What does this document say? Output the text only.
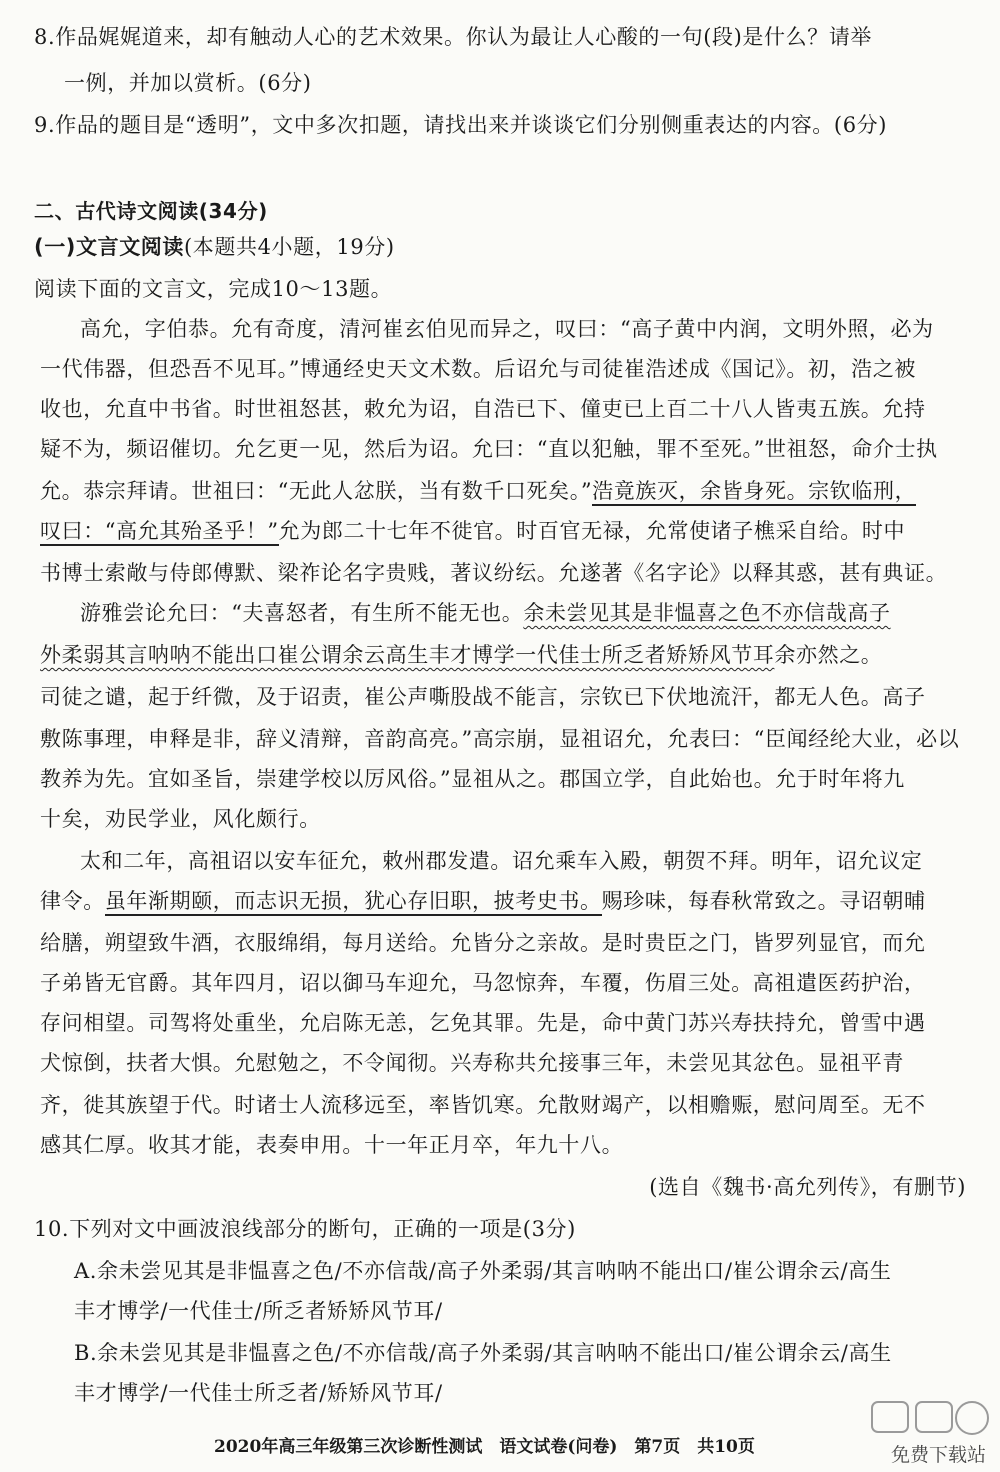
8.作品娓娓道来，却有触动人心的艺术效果。你认为最让人心酸的一句(段)是什么？请举
一例，并加以赏析。(6分)
9.作品的题目是“透明”，文中多次扣题，请找出来并谈谈它们分别侧重表达的内容。(6分)
二、古代诗文阅读(34分)
(一)文言文阅读(本题共4小题，19分)
阅读下面的文言文，完成10～13题。
高允，字伯恭。允有奇度，清河崔玄伯见而异之，叹曰：“高子黄中内润，文明外照，必为
一代伟器，但恐吾不见耳。”博通经史天文术数。后诏允与司徒崔浩述成《国记》。初，浩之被
收也，允直中书省。时世祖怒甚，敕允为诏，自浩已下、僮吏已上百二十八人皆夷五族。允持
疑不为，频诏催切。允乞更一见，然后为诏。允曰：“直以犯触，罪不至死。”世祖怒，命介士执
允。恭宗拜请。世祖曰：“无此人忿朕，当有数千口死矣。”浩竟族灭，余皆身死。宗钦临刑，
叹曰：“高允其殆圣乎！”允为郎二十七年不徙官。时百官无禄，允常使诸子樵采自给。时中
书博士索敞与侍郎傅默、梁祚论名字贵贱，著议纷纭。允遂著《名字论》以释其惑，甚有典证。
游雅尝论允曰：“夫喜怒者，有生所不能无也。余未尝见其是非愠喜之色不亦信哉高子
外柔弱其言呐呐不能出口崔公谓余云高生丰才博学一代佳士所乏者矫矫风节耳余亦然之。
司徒之谴，起于纤微，及于诏责，崔公声嘶股战不能言，宗钦已下伏地流汗，都无人色。高子
敷陈事理，申释是非，辞义清辩，音韵高亮。”高宗崩，显祖诏允，允表曰：“臣闻经纶大业，必以
教养为先。宜如圣旨，崇建学校以厉风俗。”显祖从之。郡国立学，自此始也。允于时年将九
十矣，劝民学业，风化颇行。
太和二年，高祖诏以安车征允，敕州郡发遣。诏允乘车入殿，朝贺不拜。明年，诏允议定
律令。虽年渐期颐，而志识无损，犹心存旧职，披考史书。赐珍味，每春秋常致之。寻诏朝晡
给膳，朔望致牛酒，衣服绵绢，每月送给。允皆分之亲故。是时贵臣之门，皆罗列显官，而允
子弟皆无官爵。其年四月，诏以御马车迎允，马忽惊奔，车覆，伤眉三处。高祖遣医药护治，
存问相望。司驾将处重坐，允启陈无恙，乞免其罪。先是，命中黄门苏兴寿扶持允，曾雪中遇
犬惊倒，扶者大惧。允慰勉之，不令闻彻。兴寿称共允接事三年，未尝见其忿色。显祖平青
齐，徙其族望于代。时诸士人流移远至，率皆饥寒。允散财竭产，以相赡赈，慰问周至。无不
感其仁厚。收其才能，表奏申用。十一年正月卒，年九十八。
(选自《魏书·高允列传》，有删节)
10.下列对文中画波浪线部分的断句，正确的一项是(3分)
A.余未尝见其是非愠喜之色/不亦信哉/高子外柔弱/其言呐呐不能出口/崔公谓余云/高生
丰才博学/一代佳士/所乏者矫矫风节耳/
B.余未尝见其是非愠喜之色/不亦信哉/高子外柔弱/其言呐呐不能出口/崔公谓余云/高生
丰才博学/一代佳士所乏者/矫矫风节耳/
2020年高三年级第三次诊断性测试　语文试卷(问卷)　第7页　共10页	免费下载站
